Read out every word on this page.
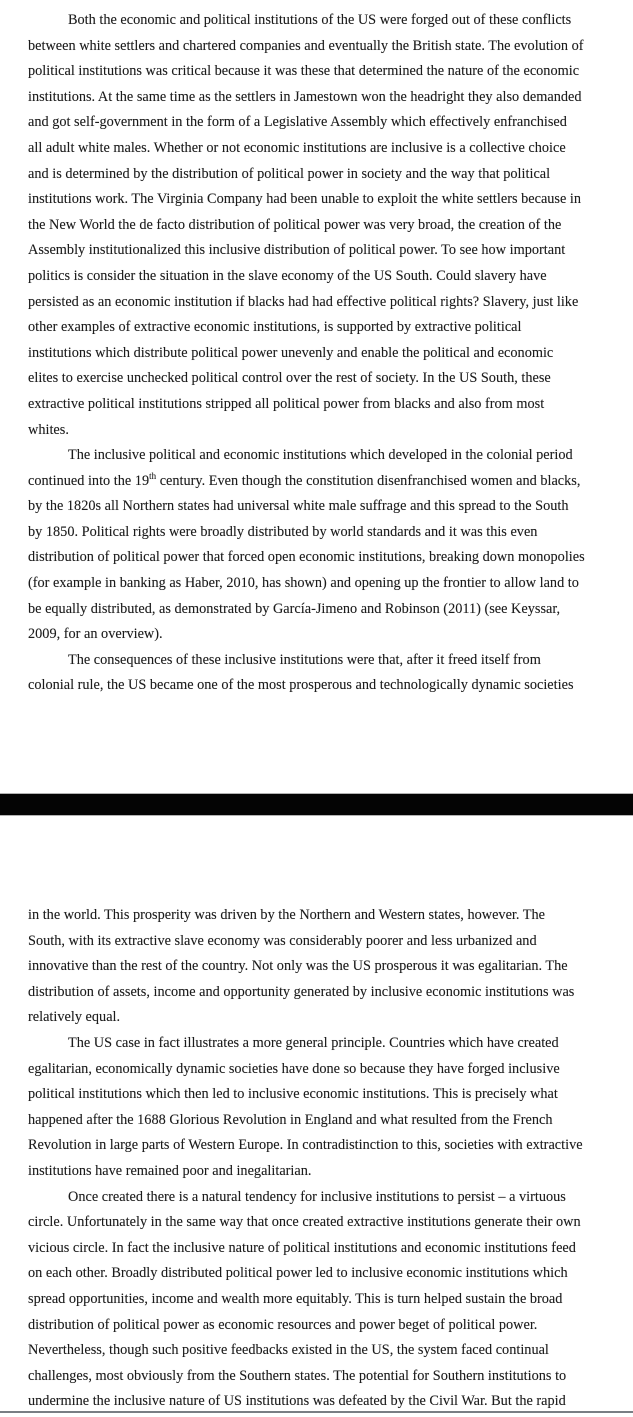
Both the economic and political institutions of the US were forged out of these conflicts
between white settlers and chartered companies and eventually the British state. The evolution of
political institutions was critical because it was these that determined the nature of the economic
institutions. At the same time as the settlers in Jamestown won the headright they also demanded
and got self-government in the form of a Legislative Assembly which effectively enfranchised
all adult white males. Whether or not economic institutions are inclusive is a collective choice
and is determined by the distribution of political power in society and the way that political
institutions work. The Virginia Company had been unable to exploit the white settlers because in
the New World the de facto distribution of political power was very broad, the creation of the
Assembly institutionalized this inclusive distribution of political power. To see how important
politics is consider the situation in the slave economy of the US South. Could slavery have
persisted as an economic institution if blacks had had effective political rights? Slavery, just like
other examples of extractive economic institutions, is supported by extractive political
institutions which distribute political power unevenly and enable the political and economic
elites to exercise unchecked political control over the rest of society. In the US South, these
extractive political institutions stripped all political power from blacks and also from most
whites.
The inclusive political and economic institutions which developed in the colonial period
continued into the 19th century. Even though the constitution disenfranchised women and blacks,
by the 1820s all Northern states had universal white male suffrage and this spread to the South
by 1850. Political rights were broadly distributed by world standards and it was this even
distribution of political power that forced open economic institutions, breaking down monopolies
(for example in banking as Haber, 2010, has shown) and opening up the frontier to allow land to
be equally distributed, as demonstrated by García-Jimeno and Robinson (2011) (see Keyssar,
2009, for an overview).
The consequences of these inclusive institutions were that, after it freed itself from
colonial rule, the US became one of the most prosperous and technologically dynamic societies
in the world. This prosperity was driven by the Northern and Western states, however. The
South, with its extractive slave economy was considerably poorer and less urbanized and
innovative than the rest of the country. Not only was the US prosperous it was egalitarian. The
distribution of assets, income and opportunity generated by inclusive economic institutions was
relatively equal.
The US case in fact illustrates a more general principle. Countries which have created
egalitarian, economically dynamic societies have done so because they have forged inclusive
political institutions which then led to inclusive economic institutions. This is precisely what
happened after the 1688 Glorious Revolution in England and what resulted from the French
Revolution in large parts of Western Europe. In contradistinction to this, societies with extractive
institutions have remained poor and inegalitarian.
Once created there is a natural tendency for inclusive institutions to persist – a virtuous
circle. Unfortunately in the same way that once created extractive institutions generate their own
vicious circle. In fact the inclusive nature of political institutions and economic institutions feed
on each other. Broadly distributed political power led to inclusive economic institutions which
spread opportunities, income and wealth more equitably. This is turn helped sustain the broad
distribution of political power as economic resources and power beget of political power.
Nevertheless, though such positive feedbacks existed in the US, the system faced continual
challenges, most obviously from the Southern states. The potential for Southern institutions to
undermine the inclusive nature of US institutions was defeated by the Civil War. But the rapid
